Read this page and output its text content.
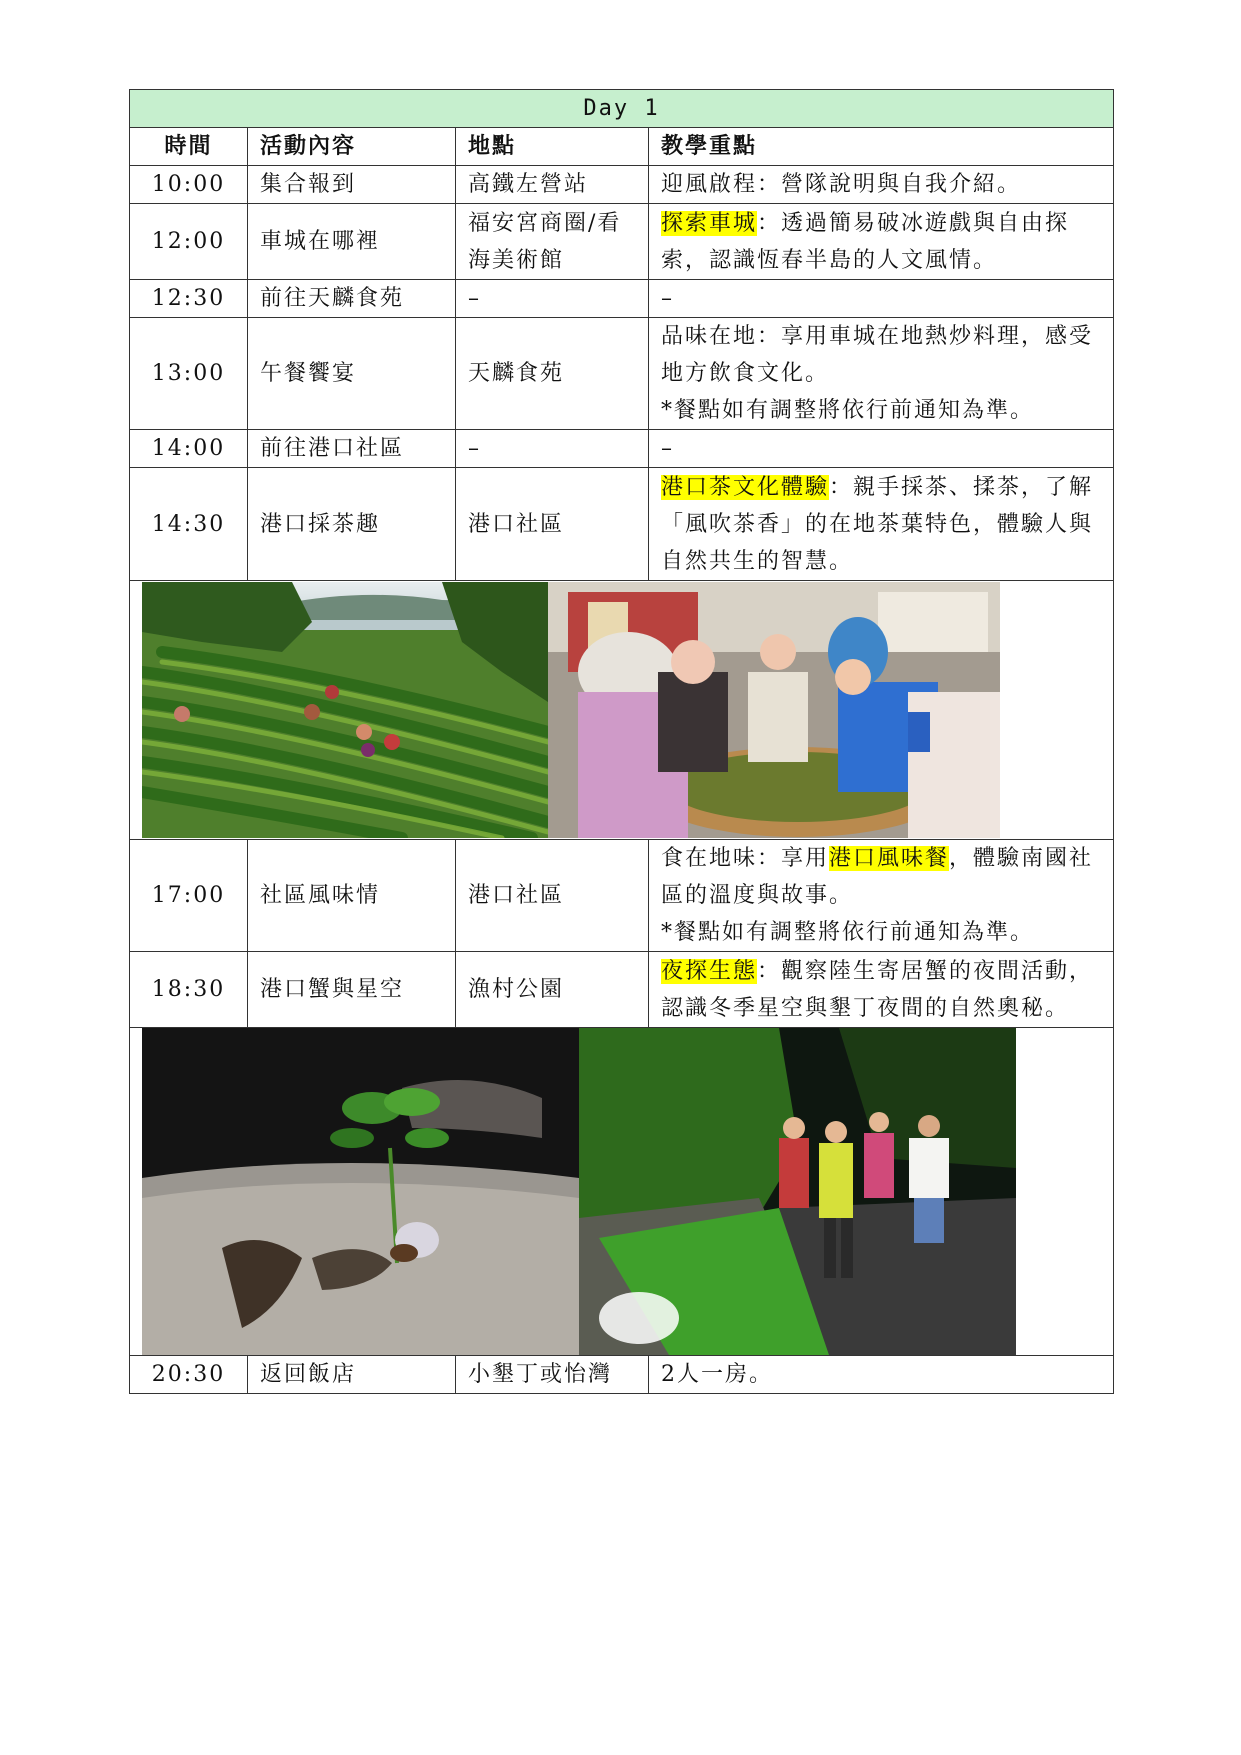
Day 1			
時間	活動內容	地點	教學重點
10:00	集合報到	高鐵左營站	迎風啟程：營隊說明與自我介紹。
12:00	車城在哪裡	福安宮商圈/看海美術館	探索車城：透過簡易破冰遊戲與自由探索，認識恆春半島的人文風情。
12:30	前往天麟食苑	–	–
13:00	午餐饗宴	天麟食苑	品味在地：享用車城在地熱炒料理，感受地方飲食文化。
*餐點如有調整將依行前通知為準。
14:00	前往港口社區	–	–
14:30	港口採茶趣	港口社區	港口茶文化體驗：親手採茶、揉茶，了解「風吹茶香」的在地茶葉特色，體驗人與自然共生的智慧。

17:00	社區風味情	港口社區	食在地味：享用港口風味餐，體驗南國社區的溫度與故事。
*餐點如有調整將依行前通知為準。
18:30	港口蟹與星空	漁村公園	夜探生態：觀察陸生寄居蟹的夜間活動，認識冬季星空與墾丁夜間的自然奧秘。

20:30	返回飯店	小墾丁或怡灣	2人一房。
